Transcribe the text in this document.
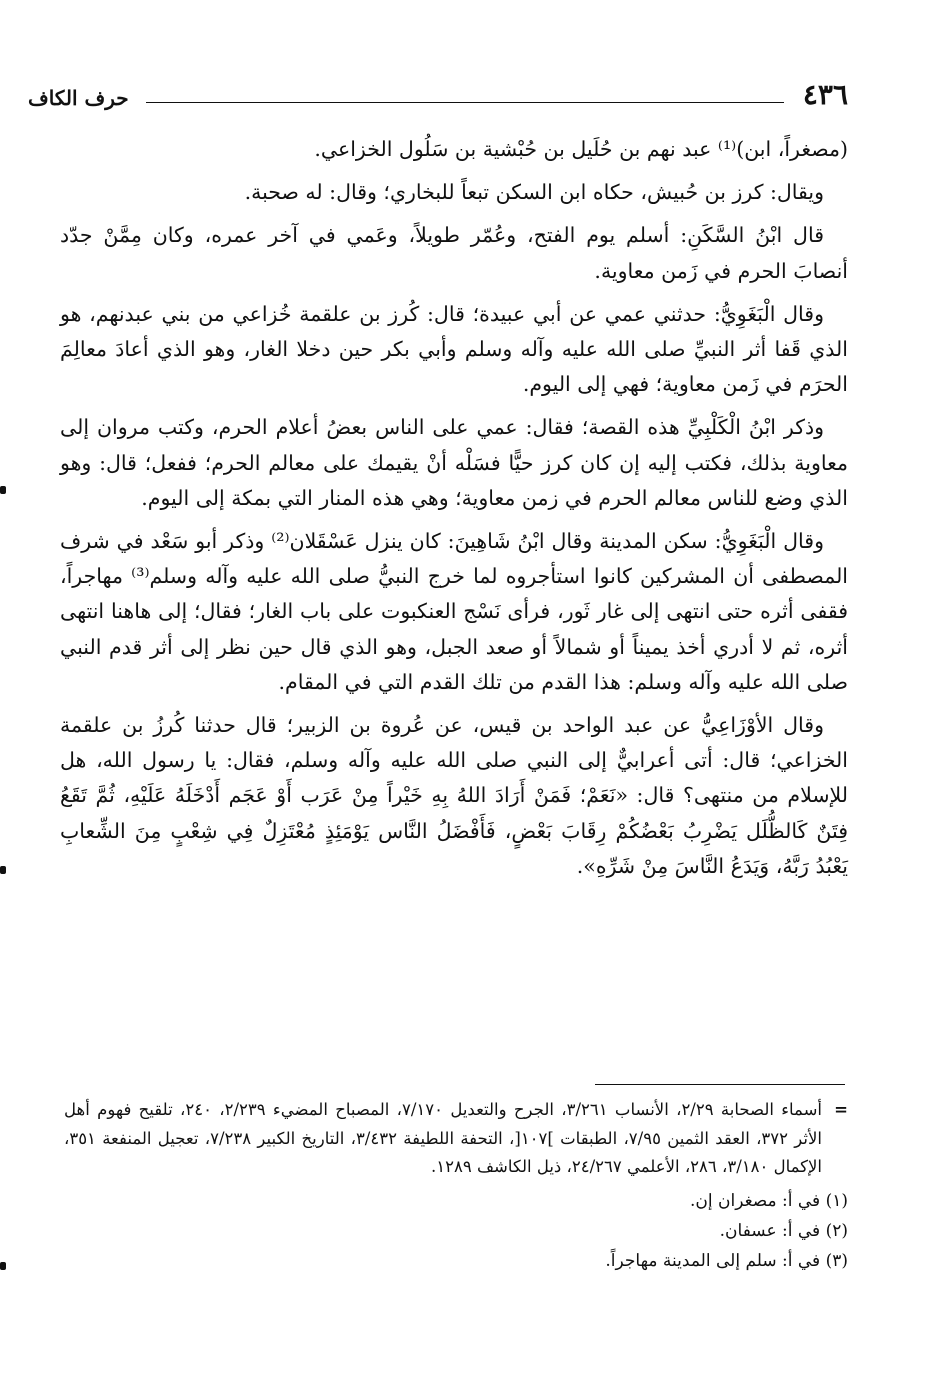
٤٣٦
حرف الكاف

(مصغراً، ابن)⁽¹⁾ عبد نهم بن حُلَيل بن حُبْشية بن سَلُول الخزاعي.

ويقال: كرز بن حُبيش، حكاه ابن السكن تبعاً للبخاري؛ وقال: له صحبة.

قال ابْنُ السَّكَنِ: أسلم يوم الفتح، وعُمّر طويلاً، وعَمي في آخر عمره، وكان مِمَّنْ جدّد أنصابَ الحرم في زَمن معاوية.

وقال الْبَغَوِيُّ: حدثني عمي عن أبي عبيدة؛ قال: كُرز بن علقمة خُزاعي من بني عبدنهم، هو الذي قَفا أثر النبيِّ صلى الله عليه وآله وسلم وأبي بكر حين دخلا الغار، وهو الذي أعادَ معالِمَ الحرَم في زَمن معاوية؛ فهي إلى اليوم.

وذكر ابْنُ الْكَلْبِيِّ هذه القصة؛ فقال: عمي على الناس بعضُ أعلام الحرم، وكتب مروان إلى معاوية بذلك، فكتب إليه إن كان كرز حيًّا فسَلْه أنْ يقيمك على معالم الحرم؛ ففعل؛ قال: وهو الذي وضع للناس معالم الحرم في زمن معاوية؛ وهي هذه المنار التي بمكة إلى اليوم.

وقال الْبَغَوِيُّ: سكن المدينة وقال ابْنُ شَاهِينَ: كان ينزل عَسْقَلان⁽²⁾ وذكر أبو سَعْد في شرف المصطفى أن المشركين كانوا استأجروه لما خرج النبيُّ صلى الله عليه وآله وسلم⁽³⁾ مهاجراً، فقفى أثره حتى انتهى إلى غار ثَور، فرأى نَسْج العنكبوت على باب الغار؛ فقال؛ إلى هاهنا انتهى أثره، ثم لا أدري أخذ يميناً أو شمالاً أو صعد الجبل، وهو الذي قال حين نظر إلى أثر قدم النبي صلى الله عليه وآله وسلم: هذا القدم من تلك القدم التي في المقام.

وقال الأوْزَاعِيُّ عن عبد الواحد بن قيس، عن عُروة بن الزبير؛ قال حدثنا كُرزُ بن علقمة الخزاعي؛ قال: أتى أعرابيٌّ إلى النبي صلى الله عليه وآله وسلم، فقال: يا رسول الله، هل للإسلام من منتهى؟ قال: «نَعَمْ؛ فَمَنْ أَرَادَ اللهُ بِهِ خَيْراً مِنْ عَرَب أَوْ عَجَم أَدْخَلَهُ عَلَيْهِ، ثُمَّ تَقَعُ فِتَنٌ كَالظُّلَل يَضْرِبُ بَعْضُكُمْ رِقَابَ بَعْضٍ، فَأَفْضَلُ النَّاس يَوْمَئِذٍ مُعْتَزِلٌ فِي شِعْبٍ مِنَ الشِّعابِ يَعْبُدُ رَبَّهُ، وَيَدَعُ النَّاسَ مِنْ شَرِّهِ».

=
أسماء الصحابة ٢/٢٩، الأنساب ٣/٢٦١، الجرح والتعديل ٧/١٧٠، المصباح المضيء ٢/٢٣٩، ٢٤٠، تلقيح فهوم أهل الأثر ٣٧٢، العقد الثمين ٧/٩٥، الطبقات ]١٠٧[، التحفة اللطيفة ٣/٤٣٢، التاريخ الكبير ٧/٢٣٨، تعجيل المنفعة ٣٥١، الإكمال ٣/١٨٠، ٢٨٦، الأعلمي ٢٤/٢٦٧، ذيل الكاشف ١٢٨٩.

(١) في أ: مصغران إن.

(٢) في أ: عسفان.

(٣) في أ: سلم إلى المدينة مهاجراً.
